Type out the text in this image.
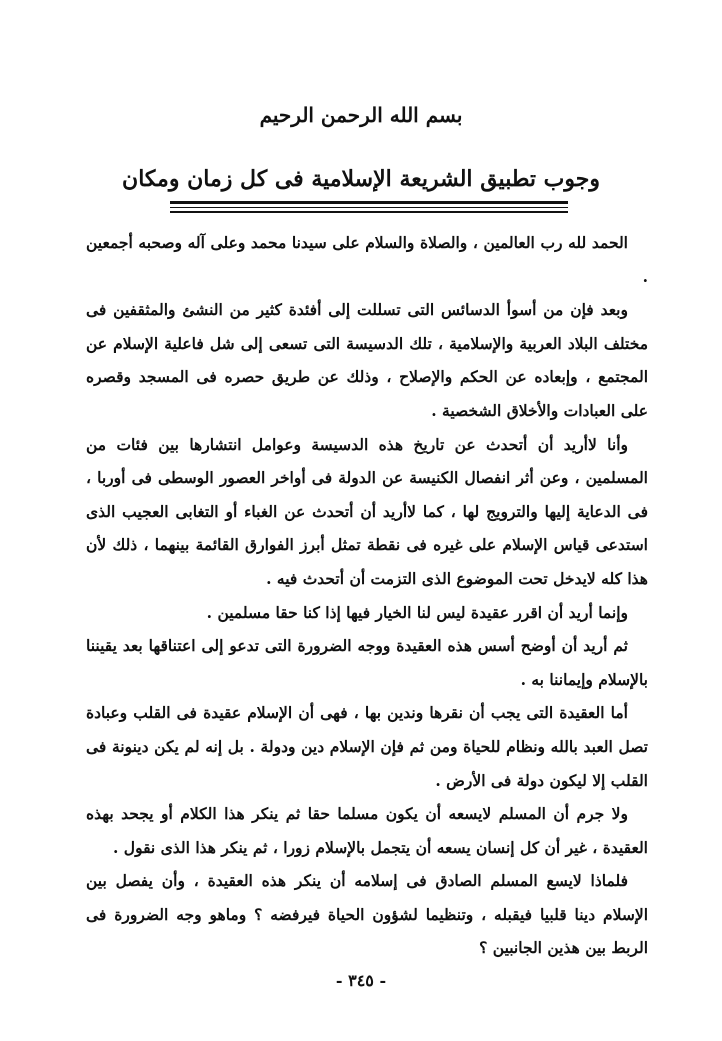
بسم الله الرحمن الرحيم
وجوب تطبيق الشريعة الإسلامية فى كل زمان ومكان

الحمد لله رب العالمين ، والصلاة والسلام على سيدنا محمد وعلى آله وصحبه أجمعين .

وبعد فإن من أسوأ الدسائس التى تسللت إلى أفئدة كثير من النشئ والمثقفين فى مختلف البلاد العربية والإسلامية ، تلك الدسيسة التى تسعى إلى شل فاعلية الإسلام عن المجتمع ، وإبعاده عن الحكم والإصلاح ، وذلك عن طريق حصره فى المسجد وقصره على العبادات والأخلاق الشخصية .

وأنا لاأريد أن أتحدث عن تاريخ هذه الدسيسة وعوامل انتشارها بين فئات من المسلمين ، وعن أثر انفصال الكنيسة عن الدولة فى أواخر العصور الوسطى فى أوربا ، فى الدعاية إليها والترويج لها ، كما لاأريد أن أتحدث عن الغباء أو التغابى العجيب الذى استدعى قياس الإسلام على غيره فى نقطة تمثل أبرز الفوارق القائمة بينهما ، ذلك لأن هذا كله لايدخل تحت الموضوع الذى التزمت أن أتحدث فيه .

وإنما أريد أن اقرر عقيدة ليس لنا الخيار فيها إذا كنا حقا مسلمين .

ثم أريد أن أوضح أسس هذه العقيدة ووجه الضرورة التى تدعو إلى اعتناقها بعد يقيننا بالإسلام وإيماننا به .

أما العقيدة التى يجب أن نقرها وندين بها ، فهى أن الإسلام عقيدة فى القلب وعبادة تصل العبد بالله ونظام للحياة ومن ثم فإن الإسلام دين ودولة . بل إنه لم يكن دينونة فى القلب إلا ليكون دولة فى الأرض .

ولا جرم أن المسلم لايسعه أن يكون مسلما حقا ثم ينكر هذا الكلام أو يجحد بهذه العقيدة ، غير أن كل إنسان يسعه أن يتجمل بالإسلام زورا ، ثم ينكر هذا الذى نقول .

فلماذا لايسع المسلم الصادق فى إسلامه أن ينكر هذه العقيدة ، وأن يفصل بين الإسلام دينا قلبيا فيقبله ، وتنظيما لشؤون الحياة فيرفضه ؟ وماهو وجه الضرورة فى الربط بين هذين الجانبين ؟

- ٣٤٥ -
